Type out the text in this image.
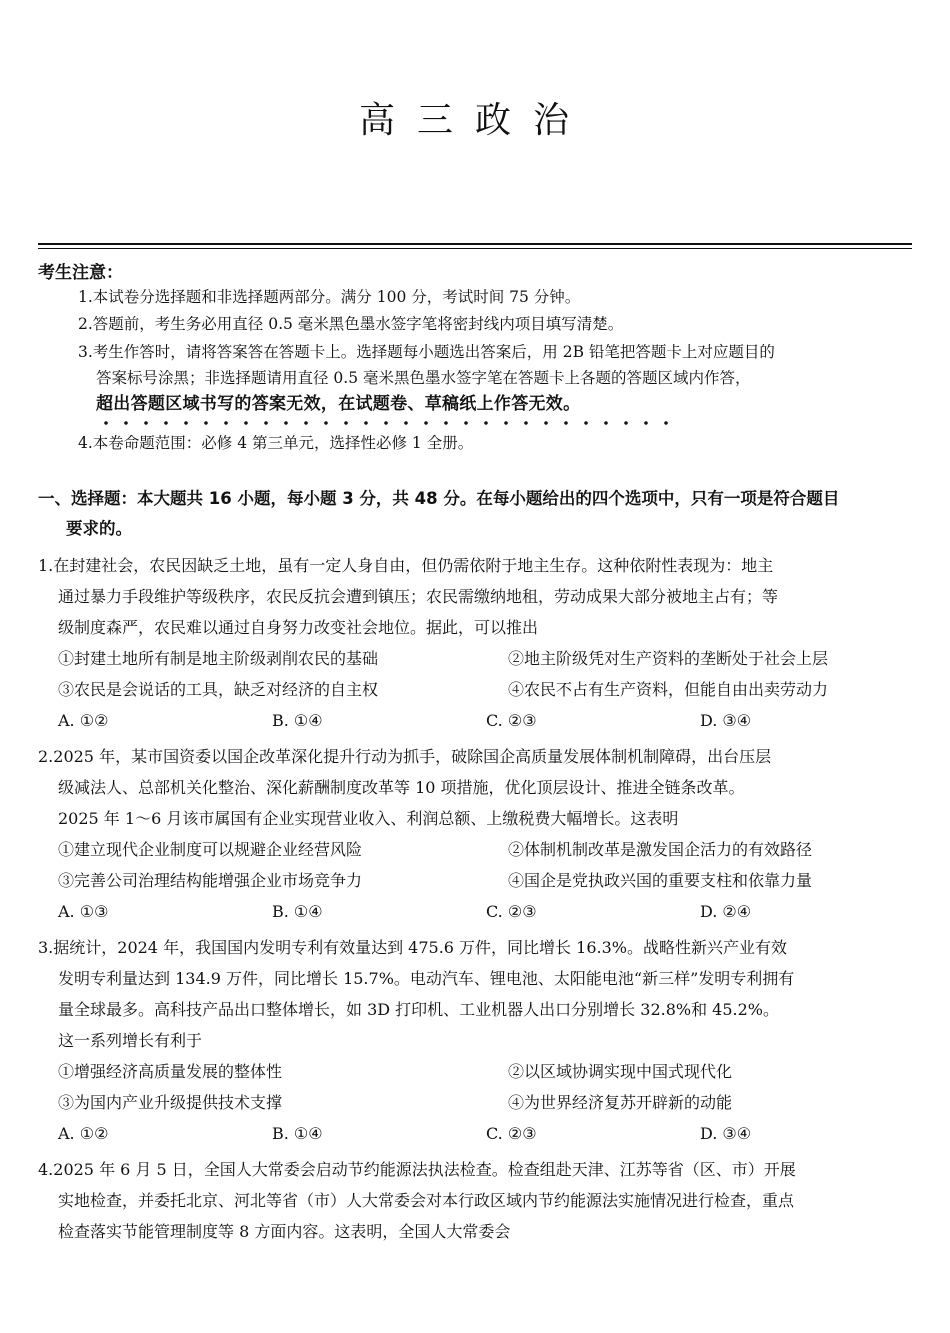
高三政治
考生注意：
1.本试卷分选择题和非选择题两部分。满分 100 分，考试时间 75 分钟。
2.答题前，考生务必用直径 0.5 毫米黑色墨水签字笔将密封线内项目填写清楚。
3.考生作答时，请将答案答在答题卡上。选择题每小题选出答案后，用 2B 铅笔把答题卡上对应题目的
答案标号涂黑；非选择题请用直径 0.5 毫米黑色墨水签字笔在答题卡上各题的答题区域内作答，
超出答题区域书写的答案无效，在试题卷、草稿纸上作答无效。
4.本卷命题范围：必修 4 第三单元，选择性必修 1 全册。
一、选择题：本大题共 16 小题，每小题 3 分，共 48 分。在每小题给出的四个选项中，只有一项是符合题目
要求的。
1.在封建社会，农民因缺乏土地，虽有一定人身自由，但仍需依附于地主生存。这种依附性表现为：地主
通过暴力手段维护等级秩序，农民反抗会遭到镇压；农民需缴纳地租，劳动成果大部分被地主占有；等
级制度森严，农民难以通过自身努力改变社会地位。据此，可以推出
①封建土地所有制是地主阶级剥削农民的基础	②地主阶级凭对生产资料的垄断处于社会上层
③农民是会说话的工具，缺乏对经济的自主权	④农民不占有生产资料，但能自由出卖劳动力
A. ①②	B. ①④	C. ②③	D. ③④
2.2025 年，某市国资委以国企改革深化提升行动为抓手，破除国企高质量发展体制机制障碍，出台压层
级减法人、总部机关化整治、深化薪酬制度改革等 10 项措施，优化顶层设计、推进全链条改革。
2025 年 1～6 月该市属国有企业实现营业收入、利润总额、上缴税费大幅增长。这表明
①建立现代企业制度可以规避企业经营风险	②体制机制改革是激发国企活力的有效路径
③完善公司治理结构能增强企业市场竞争力	④国企是党执政兴国的重要支柱和依靠力量
A. ①③	B. ①④	C. ②③	D. ②④
3.据统计，2024 年，我国国内发明专利有效量达到 475.6 万件，同比增长 16.3%。战略性新兴产业有效
发明专利量达到 134.9 万件，同比增长 15.7%。电动汽车、锂电池、太阳能电池“新三样”发明专利拥有
量全球最多。高科技产品出口整体增长，如 3D 打印机、工业机器人出口分别增长 32.8%和 45.2%。
这一系列增长有利于
①增强经济高质量发展的整体性	②以区域协调实现中国式现代化
③为国内产业升级提供技术支撑	④为世界经济复苏开辟新的动能
A. ①②	B. ①④	C. ②③	D. ③④
4.2025 年 6 月 5 日，全国人大常委会启动节约能源法执法检查。检查组赴天津、江苏等省（区、市）开展
实地检查，并委托北京、河北等省（市）人大常委会对本行政区域内节约能源法实施情况进行检查，重点
检查落实节能管理制度等 8 方面内容。这表明，全国人大常委会
